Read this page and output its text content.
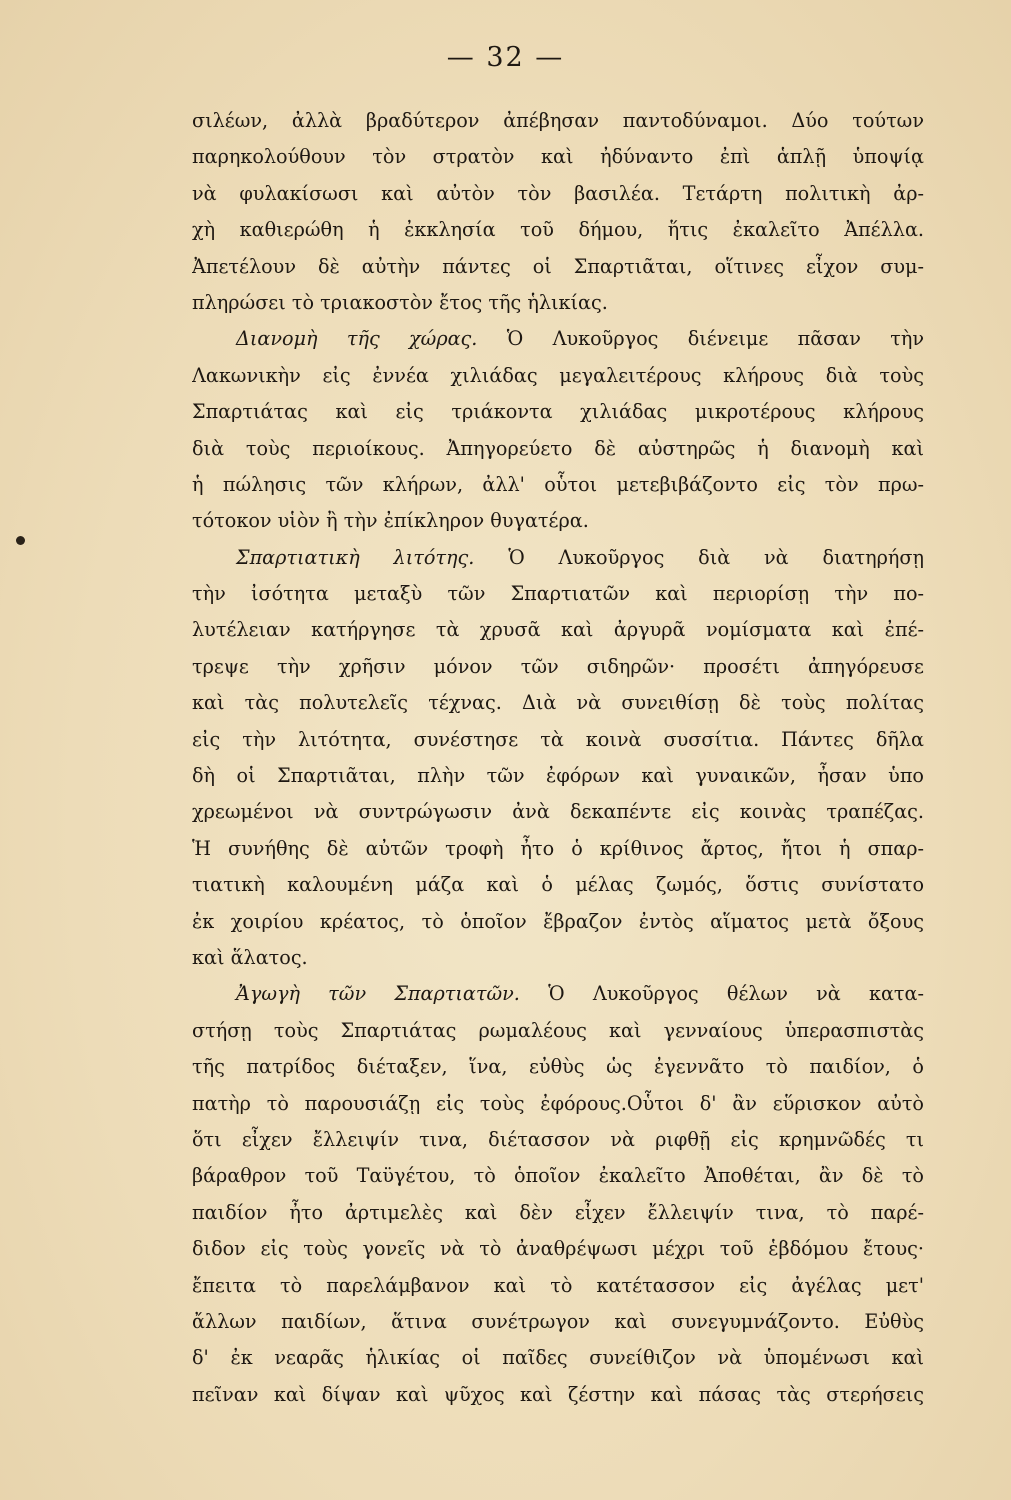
— 32 —
σιλέων, ἀλλὰ βραδύτερον ἀπέβησαν παντοδύναμοι. Δύο τούτων
παρηκολούθουν τὸν στρατὸν καὶ ἠδύναντο ἐπὶ ἁπλῇ ὑποψίᾳ
νὰ φυλακίσωσι καὶ αὐτὸν τὸν βασιλέα. Τετάρτη πολιτικὴ ἀρ-
χὴ καθιερώθη ἡ ἐκκλησία τοῦ δήμου, ἥτις ἐκαλεῖτο Ἀπέλλα.
Ἀπετέλουν δὲ αὐτὴν πάντες οἱ Σπαρτιᾶται, οἵτινες εἶχον συμ-
πληρώσει τὸ τριακοστὸν ἔτος τῆς ἡλικίας.
Διανομὴ τῆς χώρας. Ὁ Λυκοῦργος διένειμε πᾶσαν τὴν
Λακωνικὴν εἰς ἐννέα χιλιάδας μεγαλειτέρους κλήρους διὰ τοὺς
Σπαρτιάτας καὶ εἰς τριάκοντα χιλιάδας μικροτέρους κλήρους
διὰ τοὺς περιοίκους. Ἀπηγορεύετο δὲ αὐστηρῶς ἡ διανομὴ καὶ
ἡ πώλησις τῶν κλήρων, ἀλλ' οὗτοι μετεβιβάζοντο εἰς τὸν πρω-
τότοκον υἱὸν ἢ τὴν ἐπίκληρον θυγατέρα.
Σπαρτιατικὴ λιτότης. Ὁ Λυκοῦργος διὰ νὰ διατηρήσῃ
τὴν ἰσότητα μεταξὺ τῶν Σπαρτιατῶν καὶ περιορίσῃ τὴν πο-
λυτέλειαν κατήργησε τὰ χρυσᾶ καὶ ἀργυρᾶ νομίσματα καὶ ἐπέ-
τρεψε τὴν χρῆσιν μόνον τῶν σιδηρῶν· προσέτι ἀπηγόρευσε
καὶ τὰς πολυτελεῖς τέχνας. Διὰ νὰ συνειθίσῃ δὲ τοὺς πολίτας
εἰς τὴν λιτότητα, συνέστησε τὰ κοινὰ συσσίτια. Πάντες δῆλα
δὴ οἱ Σπαρτιᾶται, πλὴν τῶν ἐφόρων καὶ γυναικῶν, ἦσαν ὑπο
χρεωμένοι νὰ συντρώγωσιν ἀνὰ δεκαπέντε εἰς κοινὰς τραπέζας.
Ἡ συνήθης δὲ αὐτῶν τροφὴ ἦτο ὁ κρίθινος ἄρτος, ἤτοι ἡ σπαρ-
τιατικὴ καλουμένη μάζα καὶ ὁ μέλας ζωμός, ὅστις συνίστατο
ἐκ χοιρίου κρέατος, τὸ ὁποῖον ἔβραζον ἐντὸς αἵματος μετὰ ὄξους
καὶ ἅλατος.
Ἀγωγὴ τῶν Σπαρτιατῶν. Ὁ Λυκοῦργος θέλων νὰ κατα-
στήσῃ τοὺς Σπαρτιάτας ρωμαλέους καὶ γενναίους ὑπερασπιστὰς
τῆς πατρίδος διέταξεν, ἵνα, εὐθὺς ὡς ἐγεννᾶτο τὸ παιδίον, ὁ
πατὴρ τὸ παρουσιάζῃ εἰς τοὺς ἐφόρους.Οὗτοι δ' ἂν εὕρισκον αὐτὸ
ὅτι εἶχεν ἔλλειψίν τινα, διέτασσον νὰ ριφθῇ εἰς κρημνῶδές τι
βάραθρον τοῦ Ταϋγέτου, τὸ ὁποῖον ἐκαλεῖτο Ἀποθέται, ἂν δὲ τὸ
παιδίον ἦτο ἀρτιμελὲς καὶ δὲν εἶχεν ἔλλειψίν τινα, τὸ παρέ-
διδον εἰς τοὺς γονεῖς νὰ τὸ ἀναθρέψωσι μέχρι τοῦ ἑβδόμου ἔτους·
ἔπειτα τὸ παρελάμβανον καὶ τὸ κατέτασσον εἰς ἀγέλας μετ'
ἄλλων παιδίων, ἅτινα συνέτρωγον καὶ συνεγυμνάζοντο. Εὐθὺς
δ' ἐκ νεαρᾶς ἡλικίας οἱ παῖδες συνείθιζον νὰ ὑπομένωσι καὶ
πεῖναν καὶ δίψαν καὶ ψῦχος καὶ ζέστην καὶ πάσας τὰς στερήσεις
